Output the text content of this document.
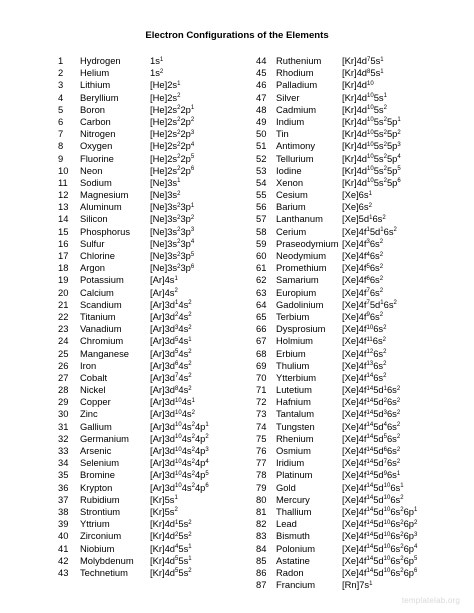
Electron Configurations of the Elements
1	Hydrogen	$1s^1$
2	Helium	$1s^2$
3	Lithium	$[He]2s^1$
4	Beryllium	$[He]2s^2$
5	Boron	$[He]2s^22p^1$
6	Carbon	$[He]2s^22p^2$
7	Nitrogen	$[He]2s^22p^3$
8	Oxygen	$[He]2s^22p^4$
9	Fluorine	$[He]2s^22p^5$
10	Neon	$[He]2s^22p^6$
11	Sodium	$[Ne]3s^1$
12	Magnesium	$[Ne]3s^2$
13	Aluminum	$[Ne]3s^23p^1$
14	Silicon	$[Ne]3s^23p^2$
15	Phosphorus	$[Ne]3s^23p^3$
16	Sulfur	$[Ne]3s^23p^4$
17	Chlorine	$[Ne]3s^23p^5$
18	Argon	$[Ne]3s^23p^6$
19	Potassium	$[Ar]4s^1$
20	Calcium	$[Ar]4s^2$
21	Scandium	$[Ar]3d^14s^2$
22	Titanium	$[Ar]3d^24s^2$
23	Vanadium	$[Ar]3d^34s^2$
24	Chromium	$[Ar]3d^54s^1$
25	Manganese	$[Ar]3d^54s^2$
26	Iron	$[Ar]3d^64s^2$
27	Cobalt	$[Ar]3d^74s^2$
28	Nickel	$[Ar]3d^84s^2$
29	Copper	$[Ar]3d^{10}4s^1$
30	Zinc	$[Ar]3d^{10}4s^2$
31	Gallium	$[Ar]3d^{10}4s^24p^1$
32	Germanium	$[Ar]3d^{10}4s^24p^2$
33	Arsenic	$[Ar]3d^{10}4s^24p^3$
34	Selenium	$[Ar]3d^{10}4s^24p^4$
35	Bromine	$[Ar]3d^{10}4s^24p^5$
36	Krypton	$[Ar]3d^{10}4s^24p^6$
37	Rubidium	$[Kr]5s^1$
38	Strontium	$[Kr]5s^2$
39	Yttrium	$[Kr]4d^15s^2$
40	Zirconium	$[Kr]4d^25s^2$
41	Niobium	$[Kr]4d^45s^1$
42	Molybdenum	$[Kr]4d^55s^1$
43	Technetium	$[Kr]4d^55s^2$
44	Ruthenium	$[Kr]4d^75s^1$
45	Rhodium	$[Kr]4d^85s^1$
46	Palladium	$[Kr]4d^{10}$
47	Silver	$[Kr]4d^{10}5s^1$
48	Cadmium	$[Kr]4d^{10}5s^2$
49	Indium	$[Kr]4d^{10}5s^25p^1$
50	Tin	$[Kr]4d^{10}5s^25p^2$
51	Antimony	$[Kr]4d^{10}5s^25p^3$
52	Tellurium	$[Kr]4d^{10}5s^25p^4$
53	Iodine	$[Kr]4d^{10}5s^25p^5$
54	Xenon	$[Kr]4d^{10}5s^25p^6$
55	Cesium	$[Xe]6s^1$
56	Barium	$[Xe]6s^2$
57	Lanthanum	$[Xe]5d^16s^2$
58	Cerium	$[Xe]4f^15d^16s^2$
59	Praseodymium $[Xe]4f^36s^2$
60	Neodymium	$[Xe]4f^46s^2$
61	Promethium	$[Xe]4f^56s^2$
62	Samarium	$[Xe]4f^66s^2$
63	Europium	$[Xe]4f^76s^2$
64	Gadolinium	$[Xe]4f^75d^16s^2$
65	Terbium	$[Xe]4f^96s^2$
66	Dysprosium	$[Xe]4f^{10}6s^2$
67	Holmium	$[Xe]4f^{11}6s^2$
68	Erbium	$[Xe]4f^{12}6s^2$
69	Thulium	$[Xe]4f^{13}6s^2$
70	Ytterbium	$[Xe]4f^{14}6s^2$
71	Lutetium	$[Xe]4f^{14}5d^16s^2$
72	Hafnium	$[Xe]4f^{14}5d^26s^2$
73	Tantalum	$[Xe]4f^{14}5d^36s^2$
74	Tungsten	$[Xe]4f^{14}5d^46s^2$
75	Rhenium	$[Xe]4f^{14}5d^56s^2$
76	Osmium	$[Xe]4f^{14}5d^66s^2$
77	Iridium	$[Xe]4f^{14}5d^76s^2$
78	Platinum	$[Xe]4f^{14}5d^96s^1$
79	Gold	$[Xe]4f^{14}5d^{10}6s^1$
80	Mercury	$[Xe]4f^{14}5d^{10}6s^2$
81	Thallium	$[Xe]4f^{14}5d^{10}6s^26p^1$
82	Lead	$[Xe]4f^{14}5d^{10}6s^26p^2$
83	Bismuth	$[Xe]4f^{14}5d^{10}6s^26p^3$
84	Polonium	$[Xe]4f^{14}5d^{10}6s^26p^4$
85	Astatine	$[Xe]4f^{14}5d^{10}6s^26p^5$
86	Radon	$[Xe]4f^{14}5d^{10}6s^26p^6$
87	Francium	$[Rn]7s^1$
templatelab.org
